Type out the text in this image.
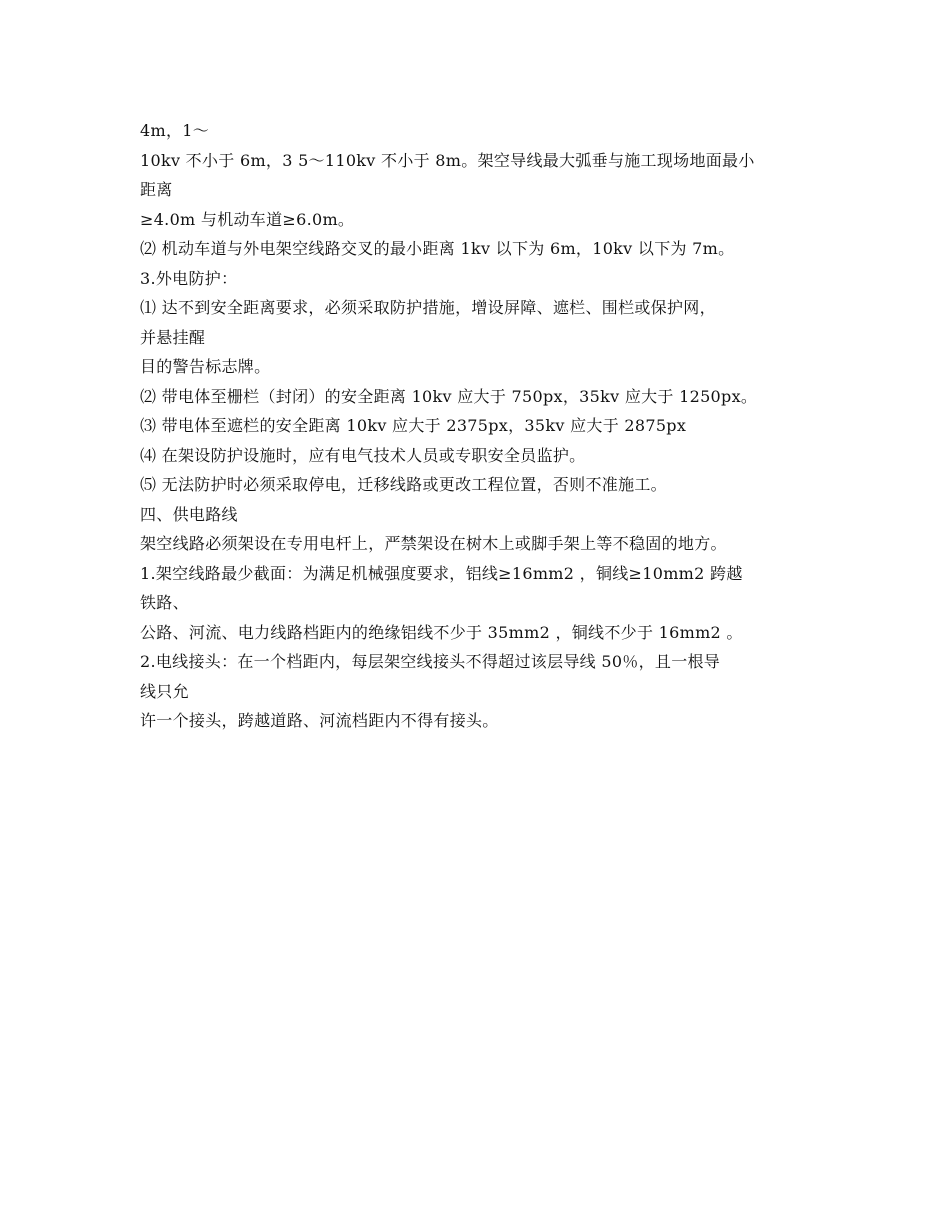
4m，1～
10kv 不小于 6m，3 5～110kv 不小于 8m。架空导线最大弧垂与施工现场地面最小
距离
≥4.0m 与机动车道≥6.0m。
⑵ 机动车道与外电架空线路交叉的最小距离 1kv 以下为 6m，10kv 以下为 7m。
3.外电防护：
⑴ 达不到安全距离要求，必须采取防护措施，增设屏障、遮栏、围栏或保护网，
并悬挂醒
目的警告标志牌。
⑵ 带电体至栅栏（封闭）的安全距离 10kv 应大于 750px，35kv 应大于 1250px。
⑶ 带电体至遮栏的安全距离 10kv 应大于 2375px，35kv 应大于 2875px
⑷ 在架设防护设施时，应有电气技术人员或专职安全员监护。
⑸ 无法防护时必须采取停电，迁移线路或更改工程位置，否则不准施工。
四、供电路线
架空线路必须架设在专用电杆上，严禁架设在树木上或脚手架上等不稳固的地方。
1.架空线路最少截面：为满足机械强度要求，铝线≥16mm2 ，铜线≥10mm2 跨越
铁路、
公路、河流、电力线路档距内的绝缘铝线不少于 35mm2 ，铜线不少于 16mm2 。
2.电线接头：在一个档距内，每层架空线接头不得超过该层导线 50％，且一根导
线只允
许一个接头，跨越道路、河流档距内不得有接头。
